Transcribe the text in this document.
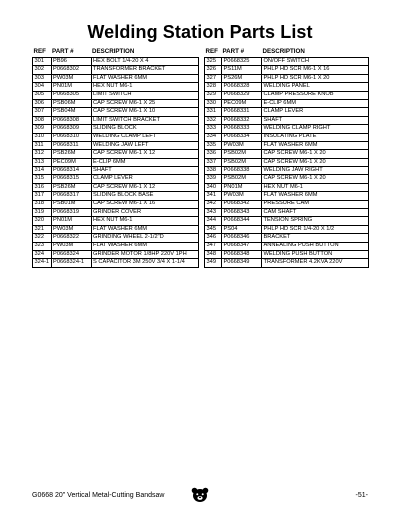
Welding Station Parts List
REF	PART #	DESCRIPTION
301	PB96	HEX BOLT 1/4-20 X 4
302	P0668302	TRANSFORMER BRACKET
303	PW03M	FLAT WASHER 6MM
304	PN01M	HEX NUT M6-1
305	P0668305	LIMIT SWITCH
306	PSB06M	CAP SCREW M6-1 X 25
307	PSB04M	CAP SCREW M6-1 X 10
308	P0668308	LIMIT SWITCH BRACKET
309	P0668309	SLIDING BLOCK
310	P0668310	WELDING CLAMP LEFT
311	P0668311	WELDING JAW LEFT
312	PSB26M	CAP SCREW M6-1 X 12
313	PEC09M	E-CLIP 6MM
314	P0668314	SHAFT
315	P0668315	CLAMP LEVER
316	PSB26M	CAP SCREW M6-1 X 12
317	P0668317	SLIDING BLOCK BASE
318	PSB01M	CAP SCREW M6-1 X 16
319	P0668319	GRINDER COVER
320	PN01M	HEX NUT M6-1
321	PW03M	FLAT WASHER 6MM
322	P0668322	GRINDING WHEEL 2-1/2"D
323	PW03M	FLAT WASHER 6MM
324	P0668324	GRINDER MOTOR 1/8HP 220V 1PH
324-1	P0668324-1	S CAPACITOR 3M 250V 3/4 X 1-1/4
REF	PART #	DESCRIPTION
325	P0668325	ON/OFF SWITCH
326	PS11M	PHLP HD SCR M6-1 X 16
327	PS26M	PHLP HD SCR M6-1 X 20
328	P0668328	WELDING PANEL
329	P0668329	CLAMP PRESSURE KNOB
330	PEC09M	E-CLIP 6MM
331	P0668331	CLAMP LEVER
332	P0668332	SHAFT
333	P0668333	WELDING CLAMP RIGHT
334	P0668334	INSULATING PLATE
335	PW03M	FLAT WASHER 6MM
336	PSB02M	CAP SCREW M6-1 X 20
337	PSB02M	CAP SCREW M6-1 X 20
338	P0668338	WELDING JAW RIGHT
339	PSB02M	CAP SCREW M6-1 X 20
340	PN01M	HEX NUT M6-1
341	PW03M	FLAT WASHER 6MM
342	P0668342	PRESSURE CAM
343	P0668343	CAM SHAFT
344	P0668344	TENSION SPRING
345	PS04	PHLP HD SCR 1/4-20 X 1/2
346	P0668346	BRACKET
347	P0668347	ANNEALING PUSH BUTTON
348	P0668348	WELDING PUSH BUTTON
349	P0668349	TRANSFORMER 4.2KVA 220V
G0668 20" Vertical Metal-Cutting Bandsaw	-51-
